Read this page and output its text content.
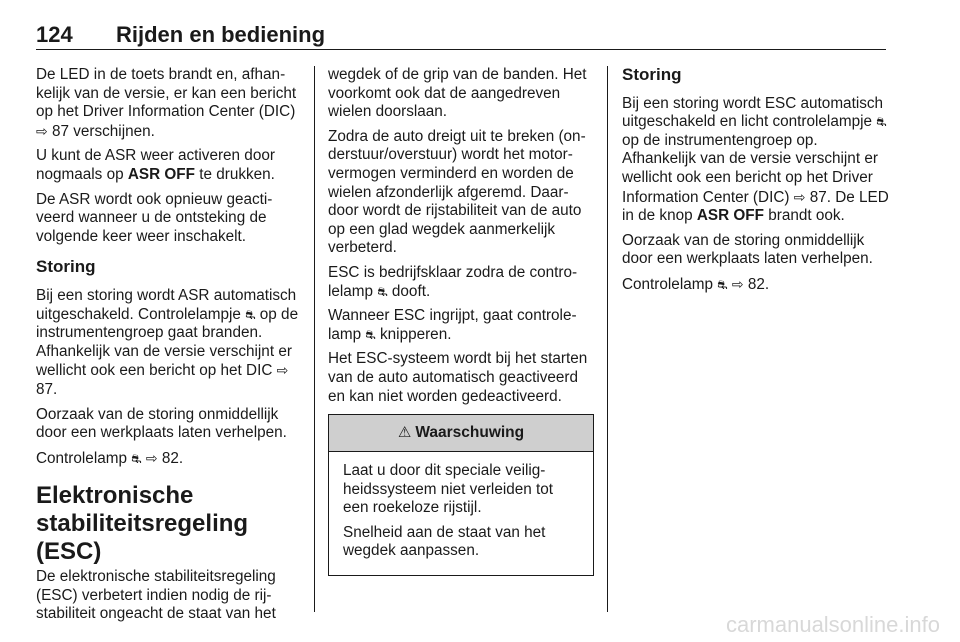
124 Rijden en bediening

De LED in de toets brandt en, afhankelijk van de versie, er kan een bericht op het Driver Information Center (DIC) ⇨ 87 verschijnen.

U kunt de ASR weer activeren door nogmaals op ASR OFF te drukken.

De ASR wordt ook opnieuw geactiveerd wanneer u de ontsteking de volgende keer weer inschakelt.

Storing

Bij een storing wordt ASR automatisch uitgeschakeld. Controlelampje ⛐ op de instrumentengroep gaat branden. Afhankelijk van de versie verschijnt er wellicht ook een bericht op het DIC ⇨ 87.

Oorzaak van de storing onmiddellijk door een werkplaats laten verhelpen.

Controlelamp ⛐ ⇨ 82.

Elektronische stabiliteitsregeling (ESC)

De elektronische stabiliteitsregeling (ESC) verbetert indien nodig de rijstabiliteit ongeacht de staat van het

wegdek of de grip van de banden. Het voorkomt ook dat de aangedreven wielen doorslaan.

Zodra de auto dreigt uit te breken (onderstuur/overstuur) wordt het motorvermogen verminderd en worden de wielen afzonderlijk afgeremd. Daardoor wordt de rijstabiliteit van de auto op een glad wegdek aanmerkelijk verbeterd.

ESC is bedrijfsklaar zodra de controlelamp ⛐ dooft.

Wanneer ESC ingrijpt, gaat controlelamp ⛐ knipperen.

Het ESC-systeem wordt bij het starten van de auto automatisch geactiveerd en kan niet worden gedeactiveerd.

⚠ Waarschuwing

Laat u door dit speciale veiligheidssysteem niet verleiden tot een roekeloze rijstijl.

Snelheid aan de staat van het wegdek aanpassen.

Storing

Bij een storing wordt ESC automatisch uitgeschakeld en licht controlelampje ⛐ op de instrumentengroep op. Afhankelijk van de versie verschijnt er wellicht ook een bericht op het Driver Information Center (DIC) ⇨ 87. De LED in de knop ASR OFF brandt ook.

Oorzaak van de storing onmiddellijk door een werkplaats laten verhelpen.

Controlelamp ⛐ ⇨ 82.

carmanualsonline.info
